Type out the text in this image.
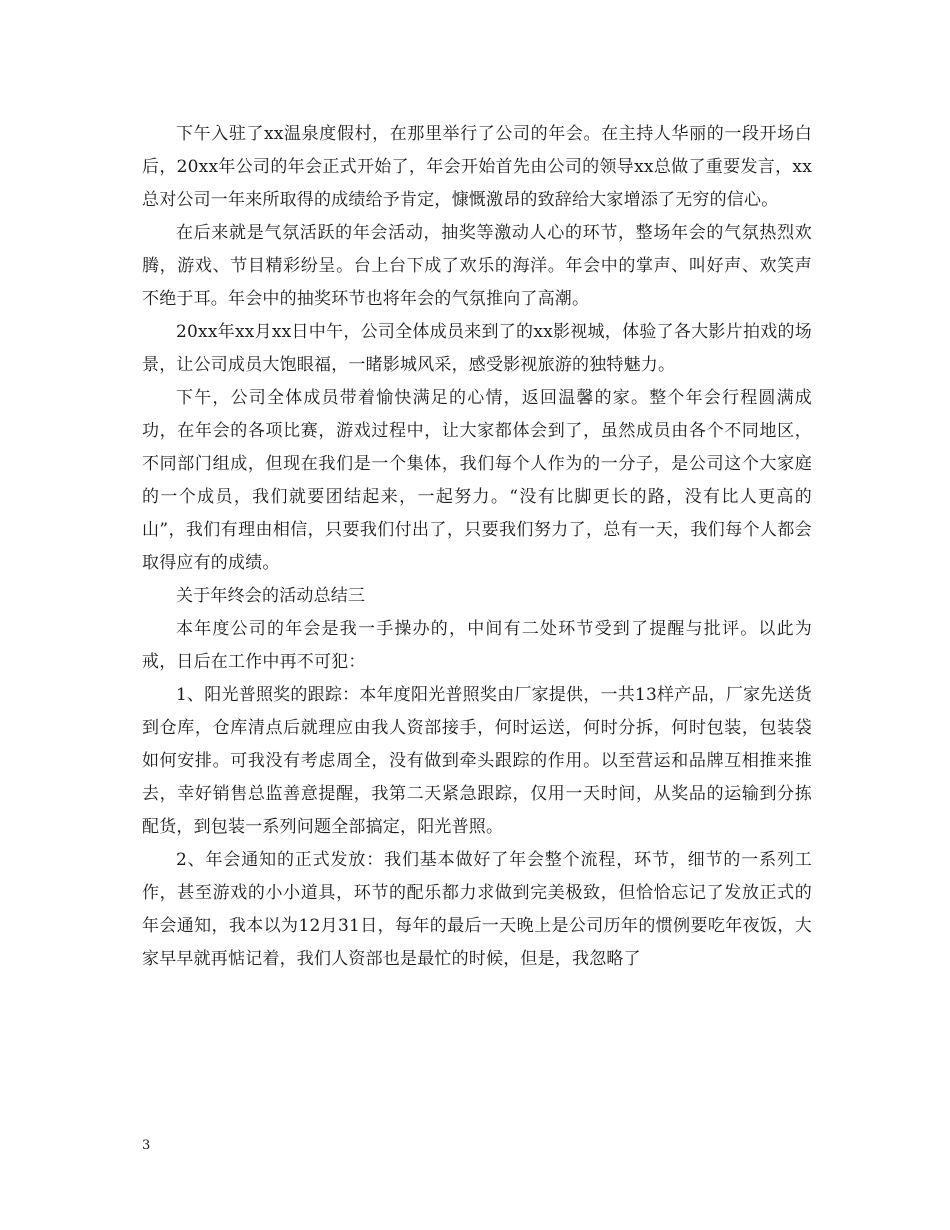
下午入驻了xx温泉度假村，在那里举行了公司的年会。在主持人华丽的一段开场白后，20xx年公司的年会正式开始了，年会开始首先由公司的领导xx总做了重要发言，xx总对公司一年来所取得的成绩给予肯定，慷慨激昂的致辞给大家增添了无穷的信心。

在后来就是气氛活跃的年会活动，抽奖等激动人心的环节，整场年会的气氛热烈欢腾，游戏、节目精彩纷呈。台上台下成了欢乐的海洋。年会中的掌声、叫好声、欢笑声不绝于耳。年会中的抽奖环节也将年会的气氛推向了高潮。

20xx年xx月xx日中午，公司全体成员来到了的xx影视城，体验了各大影片拍戏的场景，让公司成员大饱眼福，一睹影城风采，感受影视旅游的独特魅力。

下午，公司全体成员带着愉快满足的心情，返回温馨的家。整个年会行程圆满成功，在年会的各项比赛，游戏过程中，让大家都体会到了，虽然成员由各个不同地区，不同部门组成，但现在我们是一个集体，我们每个人作为的一分子，是公司这个大家庭的一个成员，我们就要团结起来，一起努力。“没有比脚更长的路，没有比人更高的山”，我们有理由相信，只要我们付出了，只要我们努力了，总有一天，我们每个人都会取得应有的成绩。

关于年终会的活动总结三

本年度公司的年会是我一手操办的，中间有二处环节受到了提醒与批评。以此为戒，日后在工作中再不可犯：

1、阳光普照奖的跟踪：本年度阳光普照奖由厂家提供，一共13样产品，厂家先送货到仓库，仓库清点后就理应由我人资部接手，何时运送，何时分拆，何时包装，包装袋如何安排。可我没有考虑周全，没有做到牵头跟踪的作用。以至营运和品牌互相推来推去，幸好销售总监善意提醒，我第二天紧急跟踪，仅用一天时间，从奖品的运输到分拣配货，到包装一系列问题全部搞定，阳光普照。

2、年会通知的正式发放：我们基本做好了年会整个流程，环节，细节的一系列工作，甚至游戏的小小道具，环节的配乐都力求做到完美极致，但恰恰忘记了发放正式的年会通知，我本以为12月31日，每年的最后一天晚上是公司历年的惯例要吃年夜饭，大家早早就再惦记着，我们人资部也是最忙的时候，但是，我忽略了

3
